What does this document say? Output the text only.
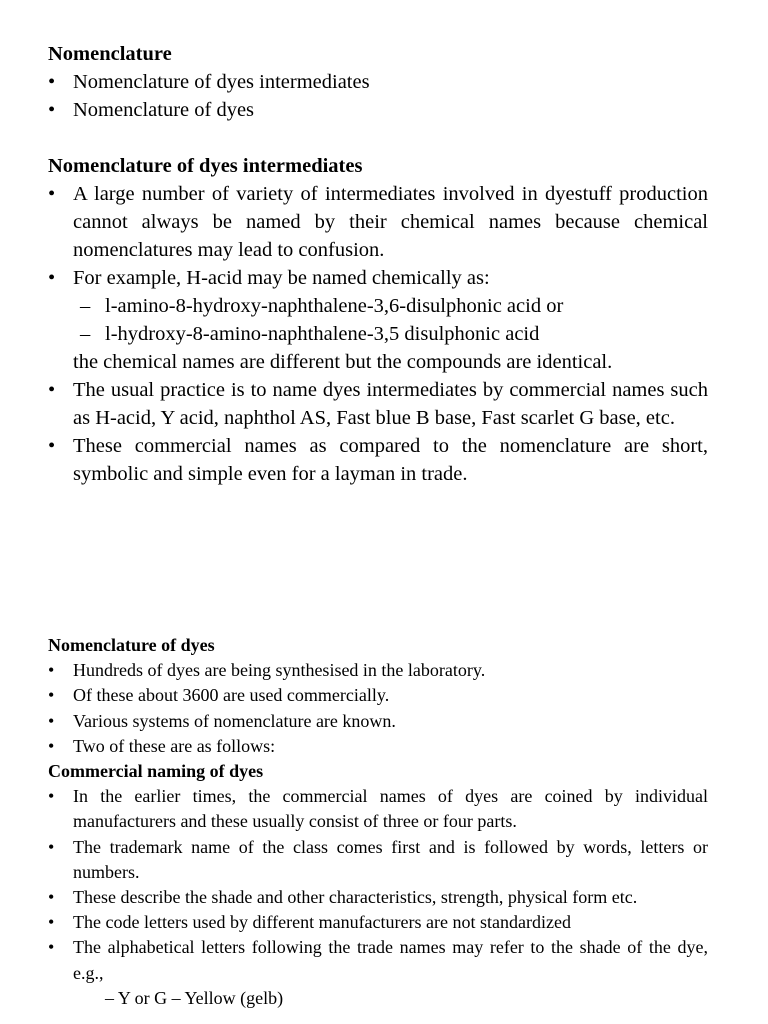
Nomenclature
• Nomenclature of dyes intermediates
• Nomenclature of dyes
Nomenclature of dyes intermediates
• A large number of variety of intermediates involved in dyestuff production cannot always be named by their chemical names because chemical nomenclatures may lead to confusion.
• For example, H-acid may be named chemically as:
– l-amino-8-hydroxy-naphthalene-3,6-disulphonic acid or
– l-hydroxy-8-amino-naphthalene-3,5 disulphonic acid
the chemical names are different but the compounds are identical.
• The usual practice is to name dyes intermediates by commercial names such as H-acid, Y acid, naphthol AS, Fast blue B base, Fast scarlet G base, etc.
• These commercial names as compared to the nomenclature are short, symbolic and simple even for a layman in trade.
Nomenclature of dyes
• Hundreds of dyes are being synthesised in the laboratory.
• Of these about 3600 are used commercially.
• Various systems of nomenclature are known.
• Two of these are as follows:
Commercial naming of dyes
• In the earlier times, the commercial names of dyes are coined by individual manufacturers and these usually consist of three or four parts.
• The trademark name of the class comes first and is followed by words, letters or numbers.
• These describe the shade and other characteristics, strength, physical form etc.
• The code letters used by different manufacturers are not standardized
• The alphabetical letters following the trade names may refer to the shade of the dye, e.g.,
– Y or G – Yellow (gelb)
